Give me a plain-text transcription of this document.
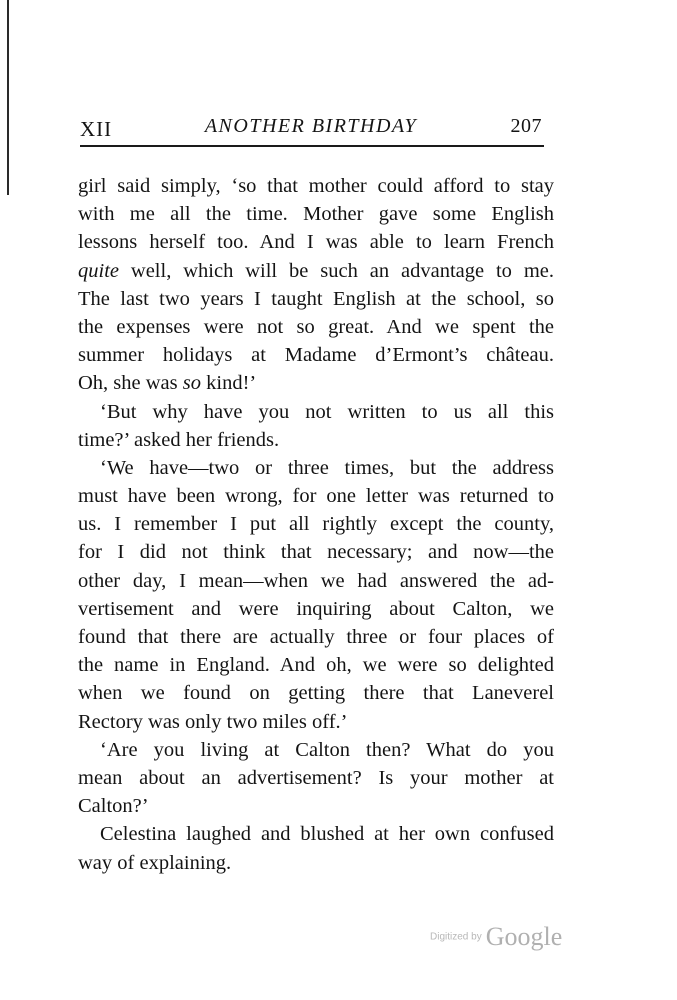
XII	ANOTHER BIRTHDAY	207
girl said simply, ‘so that mother could afford to stay
with me all the time. Mother gave some English
lessons herself too. And I was able to learn French
quite well, which will be such an advantage to me.
The last two years I taught English at the school, so
the expenses were not so great. And we spent the
summer holidays at Madame d’Ermont’s château.
Oh, she was so kind!’
‘But why have you not written to us all this
time?’ asked her friends.
‘We have—two or three times, but the address
must have been wrong, for one letter was returned to
us. I remember I put all rightly except the county,
for I did not think that necessary; and now—the
other day, I mean—when we had answered the ad-
vertisement and were inquiring about Calton, we
found that there are actually three or four places of
the name in England. And oh, we were so delighted
when we found on getting there that Laneverel
Rectory was only two miles off.’
‘Are you living at Calton then? What do you
mean about an advertisement? Is your mother at
Calton?’
Celestina laughed and blushed at her own confused
way of explaining.
Digitized by Google
